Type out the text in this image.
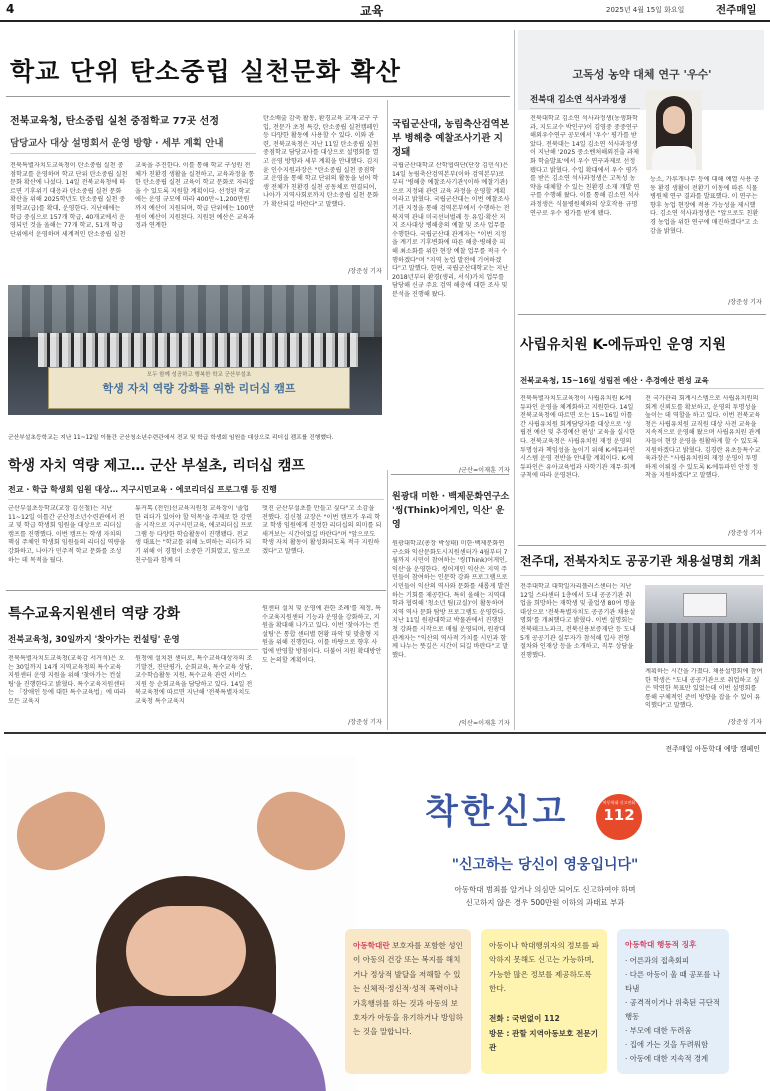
4	교육	2025년 4월 15일 화요일	전주매일
학교 단위 탄소중립 실천문화 확산
전북교육청, 탄소중립 실천 중점학교 77곳 선정
담당교사 대상 설명회서 운영 방향 · 세부 계획 안내
전북특별자치도교육청이 탄소중립 실천 중점학교를 운영하며 학교 단위 탄소중립 실천문화 확산에 나섰다. 14일 전북교육청에 따르면 기후위기 대응과 탄소중립 실천 문화 확산을 위해 2025학년도 탄소중립 실천 중점학교(급)를 확대, 운영한다. 지난해에는 학급 중심으로 157개 학급, 40개교에서 운영되던 것을 올해는 77개 학교, 51개 학급 단위에서 운영하며 세계적인 탄소중립 실천
교육을 추진한다. 이를 통해 학교 구성원 전체가 친환경 생활을 실천하고, 교육과정을 통한 탄소중립 실천 교육이 학교 문화로 자리잡을 수 있도록 지원할 계획이다. 선정된 학교에는 운영 규모에 따라 400만~1,200만원까지 예산이 지원되며, 학급 단위에는 100만원이 예산이 지원된다. 지원된 예산은 교육과정과 연계한
탄소배출 감축 활동, 환경교육 교재·교구 구입, 전문가 초청 특강, 탄소중립 실천캠페인 등 다양한 활동에 사용할 수 있다. 이와 관련, 전북교육청은 지난 11일 탄소중립 실천 중점학교 담당교사를 대상으로 설명회를 열고 운영 방향과 세부 계획을 안내했다. 김지윤 인수지원과장은 "탄소중립 실천 중점학교 운영을 통해 학교 단위의 활동을 넘어 학생 전체가 친환경 실천 공동체로 연결되어, 나아가 지역사회로까지 탄소중립 실천 문화가 확산되길 바란다"고 말했다.
/장준성 기자
국립군산대, 농림축산검역본부 병해충 예찰조사기관 지정돼
국립군산대학교 산학협력단(단장 김민식)은 14일 농림축산검역본부(이하 검역본부)로부터 '병해충 예찰조사기관'(이하 예찰기관)으로 지정돼 관련 교육 과정을 운영할 계획이라고 밝혔다. 국립군산대는 이번 예찰조사기관 지정을 통해 검역본부에서 수행하는 전북지역 관내 미국선녀벌레 등 유입·확산 저지 조사대상 병해충의 예찰 및 조사 업무를 수행한다. 국립군산대 관계자는 "이번 지정을 계기로 기후변화에 따른 해충·병해충 피해 최소화를 위한 현장 예찰 업무를 적극 수행하겠다"며 "지역 농업 발전에 기여하겠다"고 말했다. 한편, 국립군산대학교는 지난 2018년부터 환경(생리, 서식)가치 업무를 담당해 신규 주요 검역 해충에 대한 조사 및 분석을 진행해 왔다.
/군산=이재훈 기자
모두 함께 성공하고 행복한 학교 군산부설초
학생 자치 역량 강화를 위한 리더십 캠프
군산부설초등학교는 지난 11~12일 이틀간 군산청소년수련관에서 전교 및 학급 학생회 임원을 대상으로 리더십 캠프를 진행했다.
학생 자치 역량 제고… 군산 부설초, 리더십 캠프
전교 · 학급 학생회 임원 대상… 지구시민교육 · 에코리더십 프로그램 등 진행
군산부설초등학교(교장 김신철)는 지난 11~12일 이틀간 군산청소년수련관에서 전교 및 학급 학생회 임원을 대상으로 리더십 캠프를 진행했다. 이번 캠프는 학생 자치의 핵심 주체인 학생회 임원들의 리더십 역량을 강화하고, 나아가 민주적 학교 문화를 조성하는 데 목적을 뒀다.
튜커톡 (전인)선교육지원청 교육장이 '졸업한 리더가 있어야 할 덕목'을 주제로 한 강연을 시작으로 지구시민교육, 에코리더십 프로그램 등 다양한 학습활동이 진행됐다. 전교생 대표는 "학교를 위해 노력하는 리더가 되기 위해 이 경험이 소중한 기회였고, 앞으로 친구들과 함께 더
멋진 군산부설초를 만들고 싶다"고 소감을 전했다. 김신철 교장은 "이번 캠프가 우리 학교 학생 임원에게 진정한 리더십의 의미를 되새겨보는 시간이었길 바란다"며 "앞으로도 학생 자치 활동이 활성화되도록 적극 지원하겠다"고 말했다.
특수교육지원센터 역량 강화
전북교육청, 30일까지 '찾아가는 컨설팅' 운영
전북특별자치도교육청(교육감 서거석)은 오는 30일까지 14개 지역교육청의 특수교육지원센터 운영 지원을 위해 '찾아가는 컨설팅'을 진행한다고 밝혔다. 특수교육지원센터는 「장애인 등에 대한 특수교육법」에 따라 모든 교육지
원청에 설치된 센터로, 특수교육대상자의 조기발견, 진단평가, 순회교육, 특수교육 상담, 교수학습활동 지원, 특수교육 관련 서비스 지원 등 순회교육을 담당하고 있다. 14일 전북교육청에 따르면 지난해 '전북특별자치도교육청 특수교육지
원센터 설치 및 운영에 관한 조례'를 제정, 특수교육지원센터 기능과 운영을 강화하고, 지원을 확대해 나가고 있다. 이번 '찾아가는 컨설팅'은 통합 센터별 현황 파악 및 맞춤형 지원을 위해 진행한다. 이를 바탕으로 향후 사업에 반영할 방침이다. 더불어 지원 확대방안도 논의할 계획이다.
/장준성 기자
원광대 미한 · 백제문화연구소 '씽(Think)어게인, 익산' 운영
원광대학교(총장 박성태) 미한·백제문화연구소와 익산문화도시지원센터가 4월부터 7월까지 시민이 참여하는 '씽(Think)어게인, 익산'을 운영한다. 씽어게인 익산은 지역 주민들이 참여하는 인문학 강좌 프로그램으로 시민들이 익산의 역사와 문화를 새롭게 발견하는 기회를 제공한다. 특히 올해는 지역대학과 협력해 '청소년 팀(교실)'이 활동하며 지역 역사 문화 탐방 프로그램도 운영한다. 지난 11일 원광대학교 박물관에서 진행된 첫 강좌를 시작으로 매월 운영되며, 원광대 관계자는 "익산의 역사적 가치를 시민과 함께 나누는 뜻깊은 시간이 되길 바란다"고 말했다.
/익산=이재훈 기자
고독성 농약 대체 연구 '우수'
전북대 김소연 석사과정생
전북대학교 김소연 석사과정생(농생화학과, 지도교수 박인구)이 김영중 중중연구 해외우수연구 공모에서 '우수' 평가를 받았다. 전북대는 14일 김소연 석사과정생이 지난해 '2025 중소벤처해외진출 과제화 학술발표'에서 우수 연구과제로 선정됐다고 밝혔다. 수입 확대에서 우수 평가를 받은 김소연 석사과정생은 고독성 농약을 대체할 수 있는 친환경 소재 개발 연구를 수행해 왔다. 이를 통해 김소연 석사과정생은 식물병원체와의 상호작용 규명 연구로 우수 평가를 받게 됐다.
능소, 가루개나무 등에 대해 예열 사용 공동 환경 생활이 전환기 이동에 따른 식물 병원체 연구 결과를 발표했다. 이 연구는 향후 농업 현장에 적용 가능성을 제시했다. 김소연 석사과정생은 "앞으로도 친환경 농업을 위한 연구에 매진하겠다"고 소감을 밝혔다.
/장준성 기자
사립유치원 K-에듀파인 운영 지원
전북교육청, 15~16일 성림전 예산 · 추경예산 편성 교육
전북특별자치도교육청이 사립유치원 K-에듀파인 운영을 체계화하고 지원한다. 14일 전북교육청에 따르면 오는 15~16일 이틀간 사립유치원 회계담당자를 대상으로 '성립전 예산 및 추경예산 편성' 교육을 실시한다. 전북교육청은 사립유치원 재정 운영의 투명성과 책임성을 높이기 위해 K-에듀파인 시스템 운영 전반을 안내할 계획이다. K-에듀파인은 유아교육법과 사학기관 재무·회계 규칙에 따라 운영된다.
전 국가관리 회계시스템으로 사립유치원의 회계 신뢰도를 확보하고, 운영의 투명성을 높이는 데 역할을 하고 있다. 이번 전북교육청은 사립유치원 교직원 대상 사전 교육을 지속적으로 운영해 왔으며 사립유치원 관계자들이 현장 운영을 원활하게 할 수 있도록 지원하겠다고 밝혔다. 김경란 유초등특수교육과장은 "사립유치원의 재정 운영이 투명하게 이뤄질 수 있도록 K-에듀파인 안정 정착을 지원하겠다"고 말했다.
/장준성 기자
전주대, 전북자치도 공공기관 채용설명회 개최
전주대학교 대학일자리플러스센터는 지난 12일 스타센터 1층에서 도내 공공기관 취업을 희망하는 재학생 및 졸업생 80여 명을 대상으로 '전북특별자치도 공공기관 채용설명회'를 개최했다고 밝혔다. 이번 설명회는 전북테크노파크, 전북신용보증재단 등 도내 5개 공공기관 실무자가 참석해 입사 전형 절차와 인재상 등을 소개하고, 직무 상담을 진행했다.
계획하는 시간을 가졌다. 채용설명회에 참여한 학생은 "도내 공공기관으로 취업하고 싶은 막연한 목표만 있었는데 이번 설명회를 통해 구체적인 준비 방향을 잡을 수 있어 유익했다"고 말했다.
/장준성 기자
전주매일 아동학대 예방 캠페인
착한신고	아동학대 신고전화
112
"신고하는 당신이 영웅입니다"
아동학대 범죄를 알거나 의심만 되어도 신고하여야 하며
신고하지 않은 경우 500만원 이하의 과태료 부과
아동학대란 보호자를 포함한 성인이 아동의 건강 또는 복지를 해치거나 정상적 발달을 저해할 수 있는 신체적·정신적·성적 폭력이나 가혹행위를 하는 것과 아동의 보호자가 아동을 유기하거나 방임하는 것을 말합니다.
아동이나 학대행위자의 정보를 파악하지 못해도 신고는 가능하며, 가능한 많은 정보를 제공하도록 한다.
전화 : 국번없이 112
방문 : 관할 지역아동보호 전문기관
아동학대 행동적 징후
· 어른과의 접촉회피
· 다른 아동이 울 때 공포를 나타냄
· 공격적이거나 위축된 극단적 행동
· 부모에 대한 두려움
· 집에 가는 것을 두려워함
· 아동에 대한 지속적 경계
